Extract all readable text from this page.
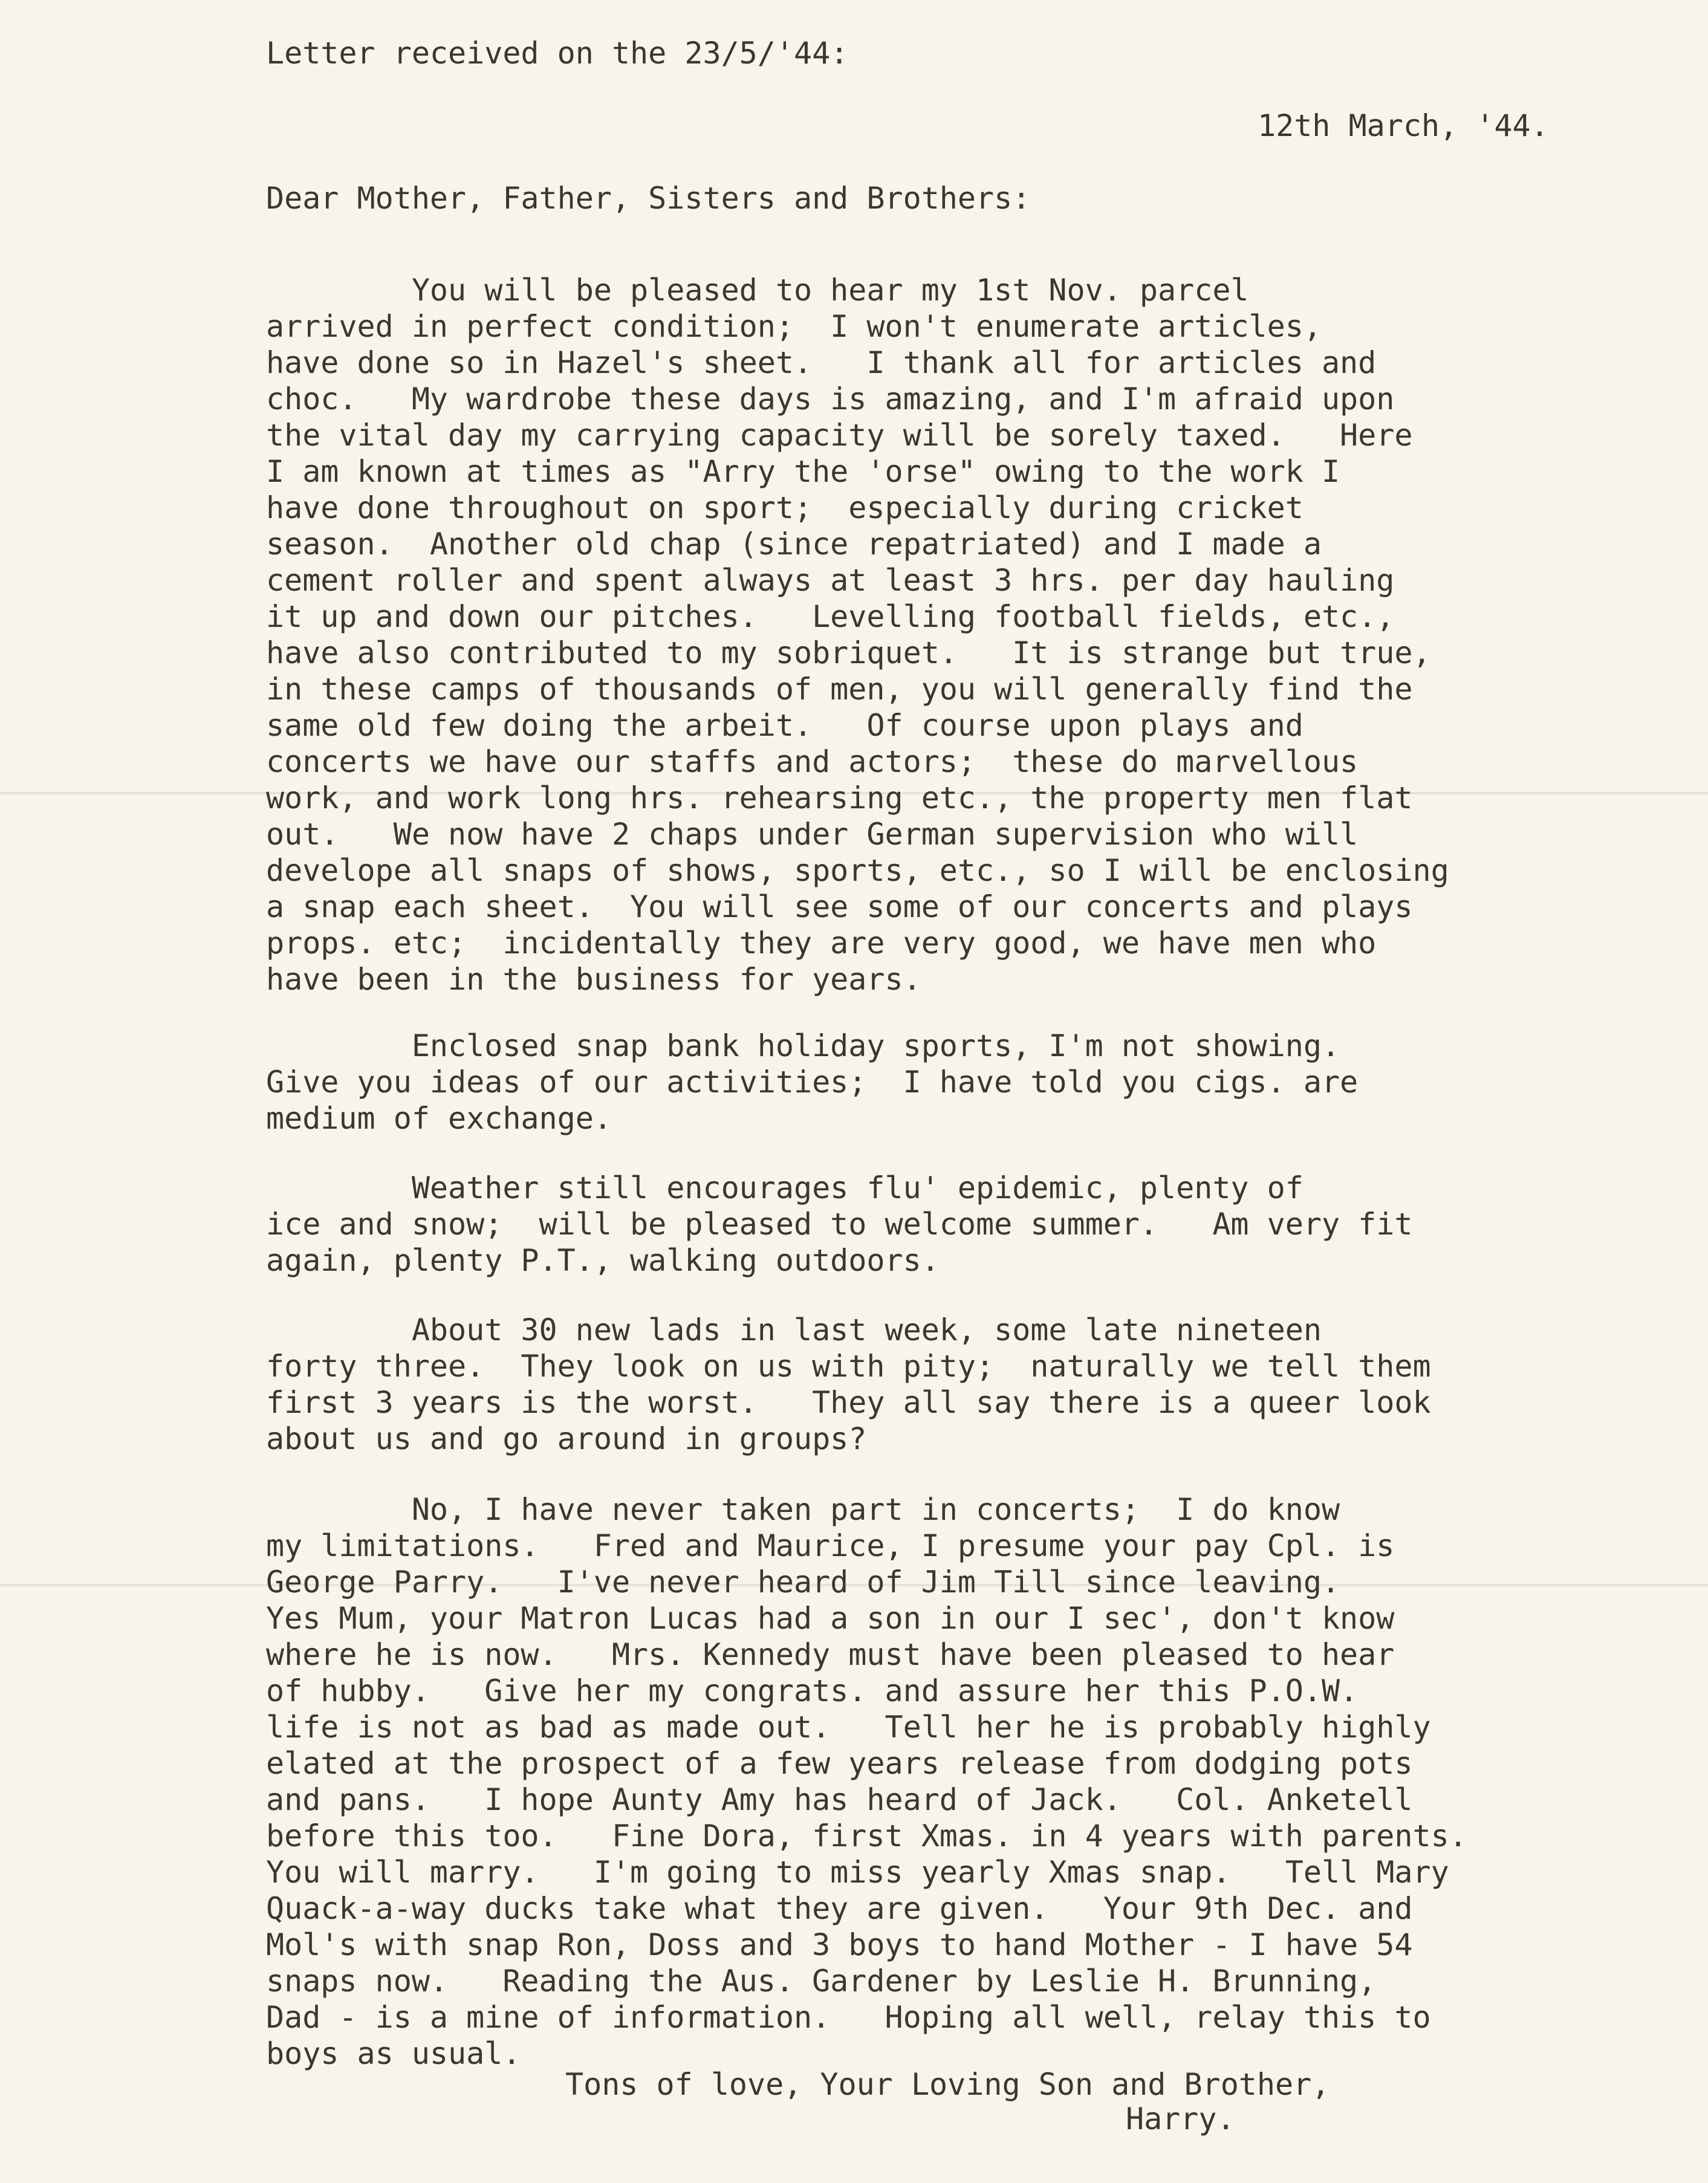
Letter received on the 23/5/'44:
12th March, '44.
Dear Mother, Father, Sisters and Brothers:
You will be pleased to hear my 1st Nov. parcel
arrived in perfect condition;  I won't enumerate articles,
have done so in Hazel's sheet.   I thank all for articles and
choc.   My wardrobe these days is amazing, and I'm afraid upon
the vital day my carrying capacity will be sorely taxed.   Here
I am known at times as "Arry the 'orse" owing to the work I
have done throughout on sport;  especially during cricket
season.  Another old chap (since repatriated) and I made a
cement roller and spent always at least 3 hrs. per day hauling
it up and down our pitches.   Levelling football fields, etc.,
have also contributed to my sobriquet.   It is strange but true,
in these camps of thousands of men, you will generally find the
same old few doing the arbeit.   Of course upon plays and
concerts we have our staffs and actors;  these do marvellous
work, and work long hrs. rehearsing etc., the property men flat
out.   We now have 2 chaps under German supervision who will
develope all snaps of shows, sports, etc., so I will be enclosing
a snap each sheet.  You will see some of our concerts and plays
props. etc;  incidentally they are very good, we have men who
have been in the business for years.
Enclosed snap bank holiday sports, I'm not showing.
Give you ideas of our activities;  I have told you cigs. are
medium of exchange.
Weather still encourages flu' epidemic, plenty of
ice and snow;  will be pleased to welcome summer.   Am very fit
again, plenty P.T., walking outdoors.
About 30 new lads in last week, some late nineteen
forty three.  They look on us with pity;  naturally we tell them
first 3 years is the worst.   They all say there is a queer look
about us and go around in groups?
No, I have never taken part in concerts;  I do know
my limitations.   Fred and Maurice, I presume your pay Cpl. is
George Parry.   I've never heard of Jim Till since leaving.
Yes Mum, your Matron Lucas had a son in our I sec', don't know
where he is now.   Mrs. Kennedy must have been pleased to hear
of hubby.   Give her my congrats. and assure her this P.O.W.
life is not as bad as made out.   Tell her he is probably highly
elated at the prospect of a few years release from dodging pots
and pans.   I hope Aunty Amy has heard of Jack.   Col. Anketell
before this too.   Fine Dora, first Xmas. in 4 years with parents.
You will marry.   I'm going to miss yearly Xmas snap.   Tell Mary
Quack-a-way ducks take what they are given.   Your 9th Dec. and
Mol's with snap Ron, Doss and 3 boys to hand Mother - I have 54
snaps now.   Reading the Aus. Gardener by Leslie H. Brunning,
Dad - is a mine of information.   Hoping all well, relay this to
boys as usual.
Tons of love, Your Loving Son and Brother,
Harry.
